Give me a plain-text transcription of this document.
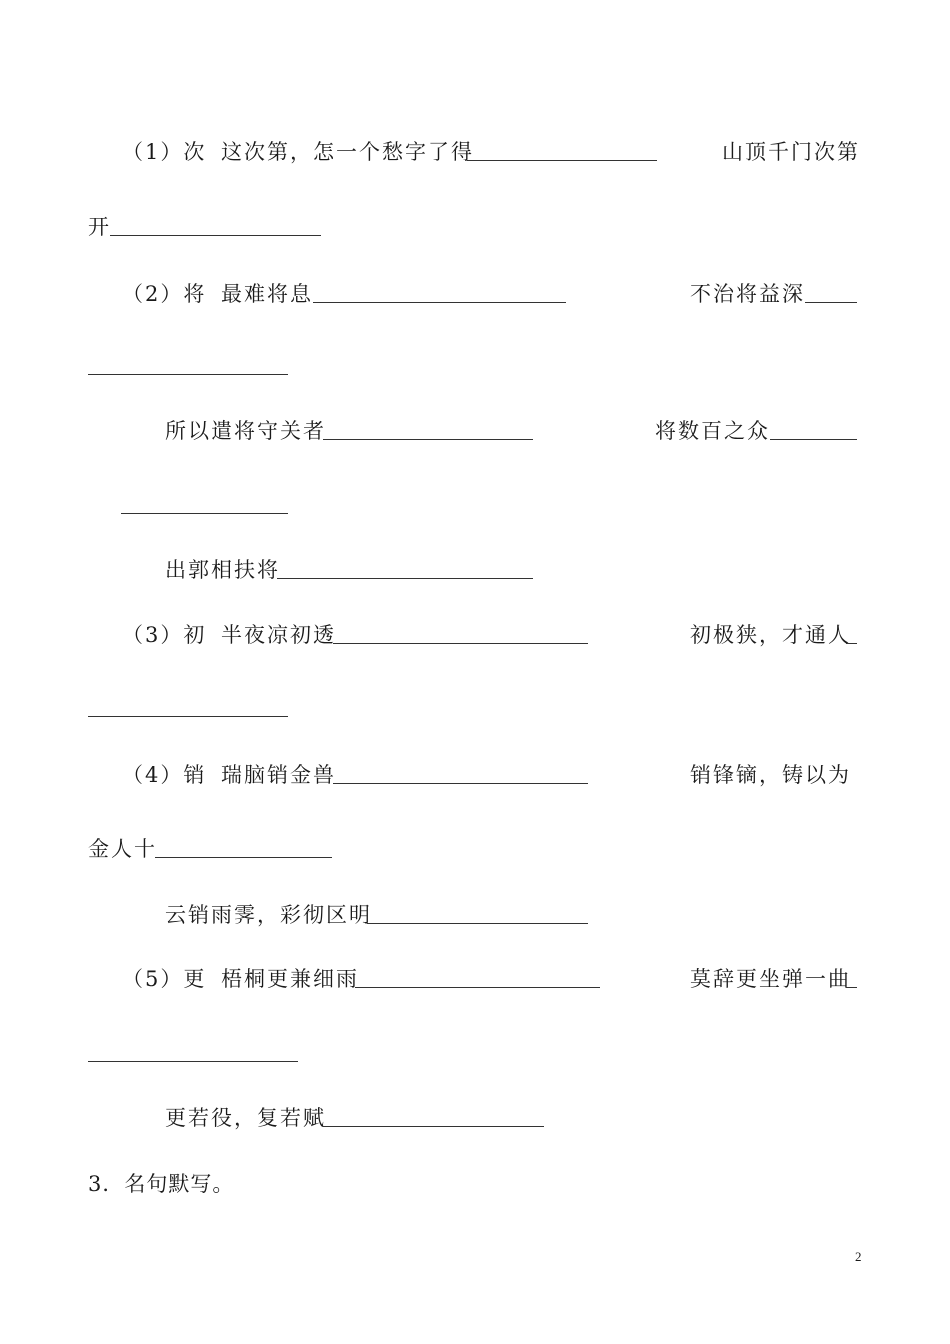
（1）次 这次第，怎一个愁字了得	山顶千门次第
开
（2）将 最难将息	不治将益深
所以遣将守关者	将数百之众
出郭相扶将
（3）初 半夜凉初透	初极狭，才通人
（4）销 瑞脑销金兽	销锋镝，铸以为
金人十
云销雨霁，彩彻区明
（5）更 梧桐更兼细雨	莫辞更坐弹一曲
更若役，复若赋
3．名句默写。
2
